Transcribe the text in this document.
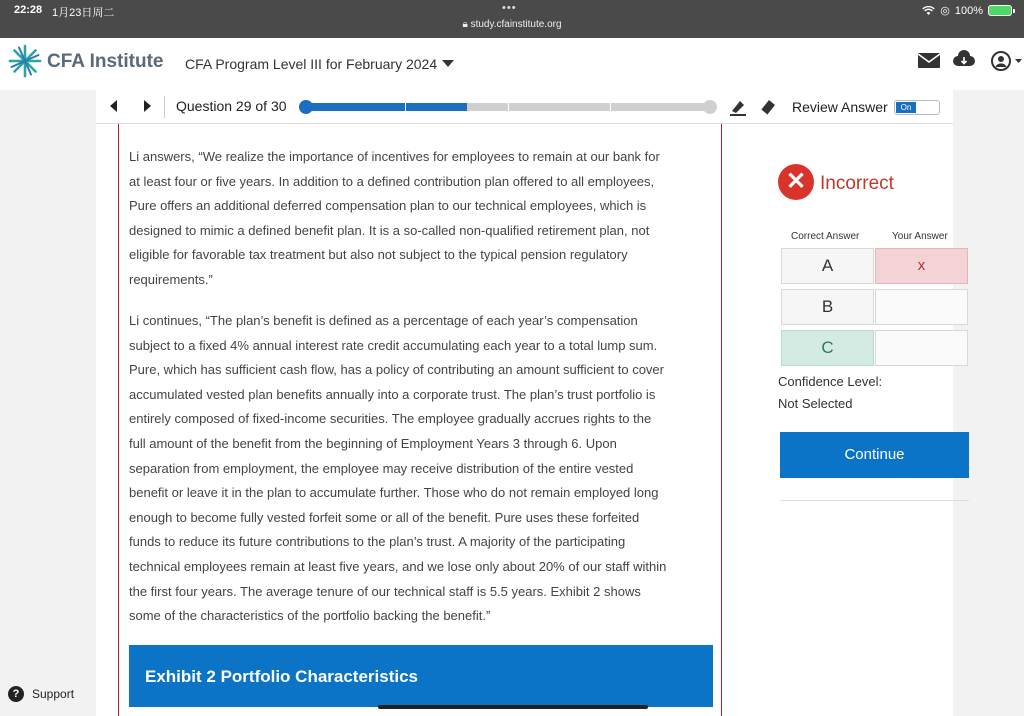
22:28 1月23日周二	•••
🔒︎ study.cfainstitute.org
◎ 100%
CFA Institute CFA Program Level III for February 2024
Question 29 of 30	Review Answer	On
Li answers, “We realize the importance of incentives for employees to remain at our bank for
at least four or five years. In addition to a defined contribution plan offered to all employees,
Pure offers an additional deferred compensation plan to our technical employees, which is
designed to mimic a defined benefit plan. It is a so-called non-qualified retirement plan, not
eligible for favorable tax treatment but also not subject to the typical pension regulatory
requirements.”
Li continues, “The plan’s benefit is defined as a percentage of each year’s compensation
subject to a fixed 4% annual interest rate credit accumulating each year to a total lump sum.
Pure, which has sufficient cash flow, has a policy of contributing an amount sufficient to cover
accumulated vested plan benefits annually into a corporate trust. The plan’s trust portfolio is
entirely composed of fixed-income securities. The employee gradually accrues rights to the
full amount of the benefit from the beginning of Employment Years 3 through 6. Upon
separation from employment, the employee may receive distribution of the entire vested
benefit or leave it in the plan to accumulate further. Those who do not remain employed long
enough to become fully vested forfeit some or all of the benefit. Pure uses these forfeited
funds to reduce its future contributions to the plan’s trust. A majority of the participating
technical employees remain at least five years, and we lose only about 20% of our staff within
the first four years. The average tenure of our technical staff is 5.5 years. Exhibit 2 shows
some of the characteristics of the portfolio backing the benefit.”
Exhibit 2 Portfolio Characteristics
✕ Incorrect
Correct Answer	Your Answer
A	x
B
C
Confidence Level:
Not Selected
Continue
?	Support
